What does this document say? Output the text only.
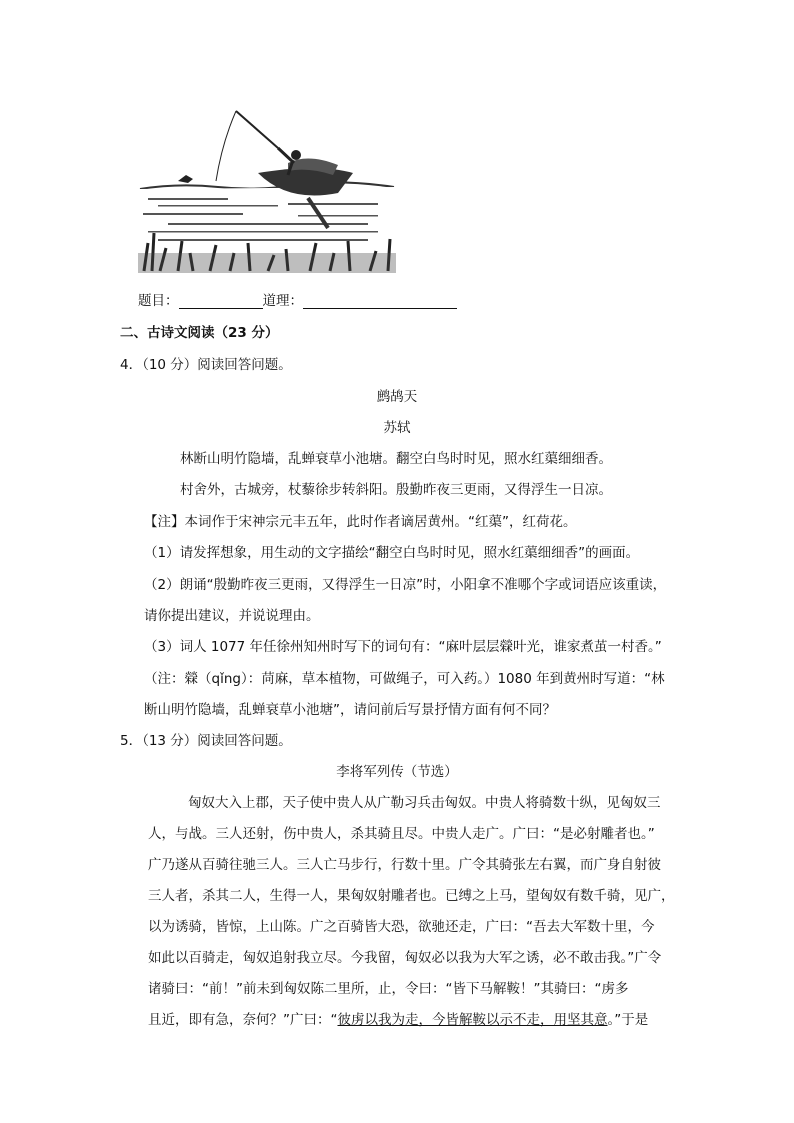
题目：	道理：
二、古诗文阅读（23 分）
4．（10 分）阅读回答问题。
鹧鸪天
苏轼
林断山明竹隐墙，乱蝉衰草小池塘。翻空白鸟时时见，照水红蕖细细香。
村舍外，古城旁，杖藜徐步转斜阳。殷勤昨夜三更雨，又得浮生一日凉。
【注】本词作于宋神宗元丰五年，此时作者谪居黄州。“红蕖”，红荷花。
（1）请发挥想象，用生动的文字描绘“翻空白鸟时时见，照水红蕖细细香”的画面。
（2）朗诵“殷勤昨夜三更雨，又得浮生一日凉”时，小阳拿不准哪个字或词语应该重读，
请你提出建议，并说说理由。
（3）词人 1077 年任徐州知州时写下的词句有：“麻叶层层檾叶光，谁家煮茧一村香。”
（注：檾（qǐng）：苘麻，草本植物，可做绳子，可入药。）1080 年到黄州时写道：“林
断山明竹隐墙，乱蝉衰草小池塘”，请问前后写景抒情方面有何不同？
5．（13 分）阅读回答问题。
李将军列传（节选）
匈奴大入上郡，天子使中贵人从广勒习兵击匈奴。中贵人将骑数十纵，见匈奴三
人，与战。三人还射，伤中贵人，杀其骑且尽。中贵人走广。广曰：“是必射雕者也。”
广乃遂从百骑往驰三人。三人亡马步行，行数十里。广令其骑张左右翼，而广身自射彼
三人者，杀其二人，生得一人，果匈奴射雕者也。已缚之上马，望匈奴有数千骑，见广，
以为诱骑，皆惊，上山陈。广之百骑皆大恐，欲驰还走，广曰：“吾去大军数十里，今
如此以百骑走，匈奴追射我立尽。今我留，匈奴必以我为大军之诱，必不敢击我。”广令
诸骑曰：“前！”前未到匈奴陈二里所，止，令曰：“皆下马解鞍！”其骑曰：“虏多
且近，即有急，奈何？”广曰：“彼虏以我为走，今皆解鞍以示不走，用坚其意。”于是
